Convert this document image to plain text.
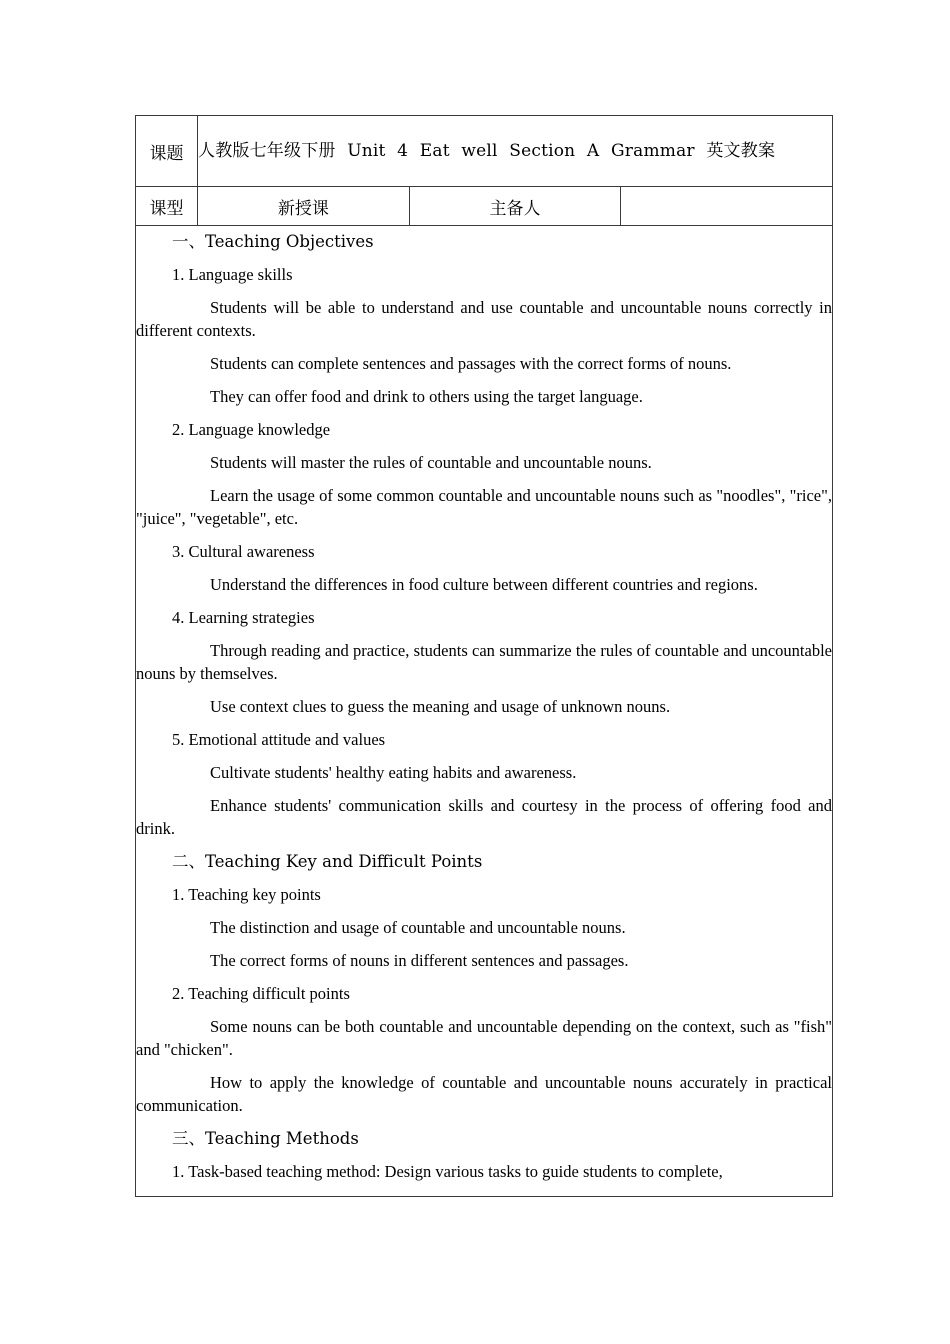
课题	人教版七年级下册 Unit 4 Eat well Section A Grammar 英文教案		
课型	新授课	主备人	

一、Teaching Objectives

1. Language skills

Students will be able to understand and use countable and uncountable nouns correctly in different contexts.

Students can complete sentences and passages with the correct forms of nouns.

They can offer food and drink to others using the target language.

2. Language knowledge

Students will master the rules of countable and uncountable nouns.

Learn the usage of some common countable and uncountable nouns such as "noodles", "rice", "juice", "vegetable", etc.

3. Cultural awareness

Understand the differences in food culture between different countries and regions.

4. Learning strategies

Through reading and practice, students can summarize the rules of countable and uncountable nouns by themselves.

Use context clues to guess the meaning and usage of unknown nouns.

5. Emotional attitude and values

Cultivate students' healthy eating habits and awareness.

Enhance students' communication skills and courtesy in the process of offering food and drink.

二、Teaching Key and Difficult Points

1. Teaching key points

The distinction and usage of countable and uncountable nouns.

The correct forms of nouns in different sentences and passages.

2. Teaching difficult points

Some nouns can be both countable and uncountable depending on the context, such as "fish" and "chicken".

How to apply the knowledge of countable and uncountable nouns accurately in practical communication.

三、Teaching Methods

1. Task-based teaching method: Design various tasks to guide students to complete,
